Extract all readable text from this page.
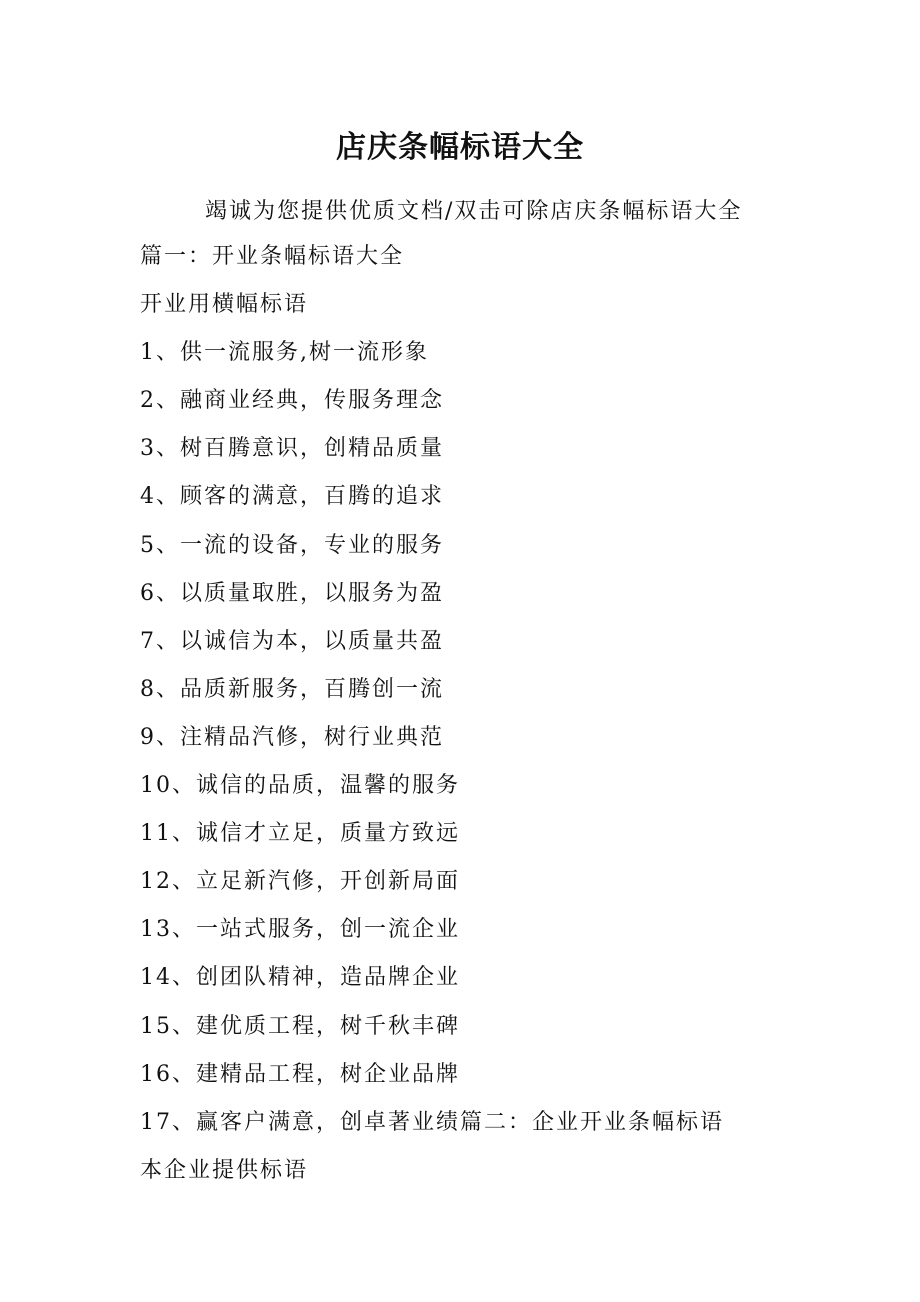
店庆条幅标语大全
竭诚为您提供优质文档/双击可除店庆条幅标语大全
篇一：开业条幅标语大全
开业用横幅标语
1、供一流服务,树一流形象
2、融商业经典，传服务理念
3、树百腾意识，创精品质量
4、顾客的满意，百腾的追求
5、一流的设备，专业的服务
6、以质量取胜，以服务为盈
7、以诚信为本，以质量共盈
8、品质新服务，百腾创一流
9、注精品汽修，树行业典范
10、诚信的品质，温馨的服务
11、诚信才立足，质量方致远
12、立足新汽修，开创新局面
13、一站式服务，创一流企业
14、创团队精神，造品牌企业
15、建优质工程，树千秋丰碑
16、建精品工程，树企业品牌
17、赢客户满意，创卓著业绩篇二：企业开业条幅标语
本企业提供标语
